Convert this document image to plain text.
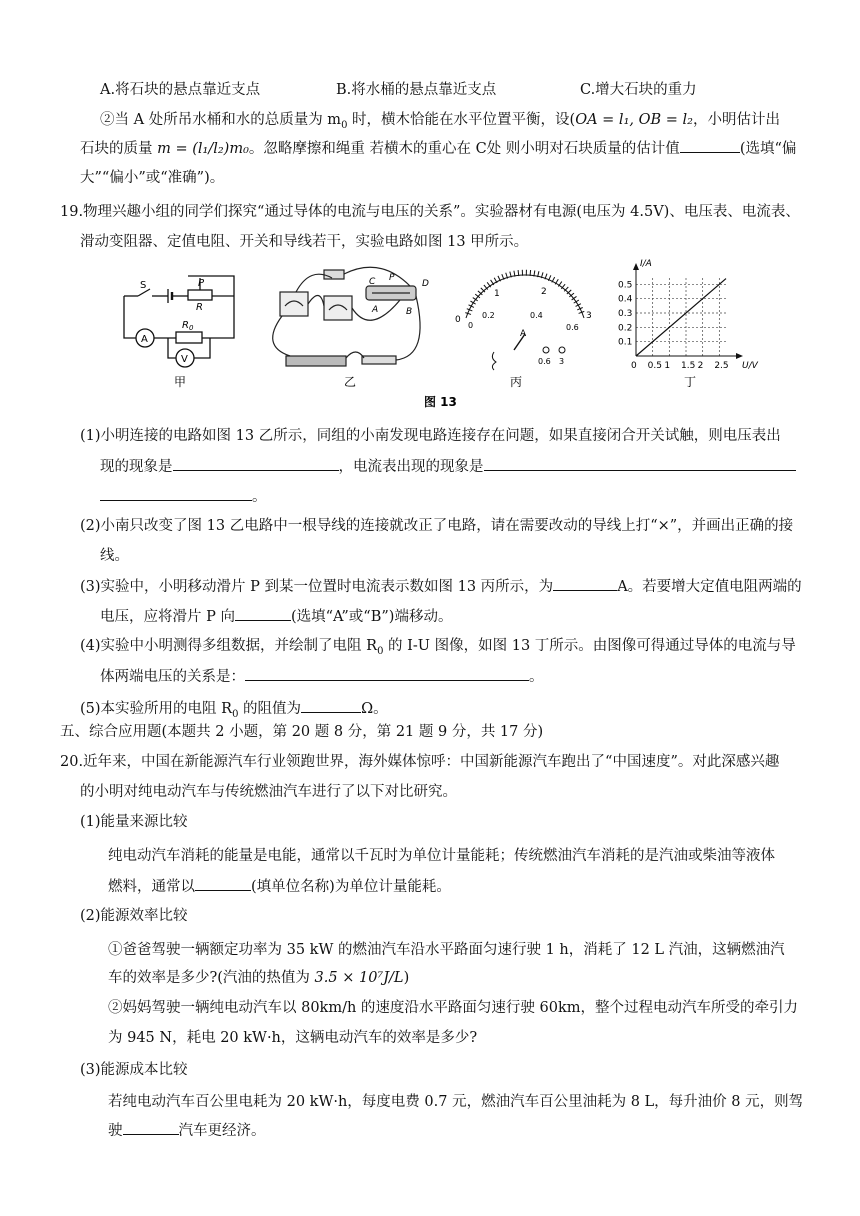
A.将石块的悬点靠近支点	B.将水桶的悬点靠近支点	C.增大石块的重力
②当 A 处所吊水桶和水的总质量为 $m_0$ 时，横木恰能在水平位置平衡，设(OA = l₁, OB = l₂，小明估计出
石块的质量 m = (l₁/l₂)m₀。忽略摩擦和绳重 若横木的重心在 C处 则小明对石块质量的估计值	(选填“偏
大”“偏小”或“准确”)。
19.物理兴趣小组的同学们探究“通过导体的电流与电压的关系”。实验器材有电源(电压为 4.5V)、电压表、电流表、
滑动变阻器、定值电阻、开关和导线若干，实验电路如图 13 甲所示。
S	P
R
A
V
$R_0$
甲
C P
D
A	B
乙
0
1	2
3
0
0.2	0.4
0.6
A
0.6 3
丙
0 0.5 1 1.5 2 2.5
0.1
0.2
0.3
0.4
0.5
U/V
I/A
丁
图 13
(1)小明连接的电路如图 13 乙所示，同组的小南发现电路连接存在问题，如果直接闭合开关试触，则电压表出
现的现象是	，电流表出现的现象是
。
(2)小南只改变了图 13 乙电路中一根导线的连接就改正了电路，请在需要改动的导线上打“×”，并画出正确的接
线。
(3)实验中，小明移动滑片 P 到某一位置时电流表示数如图 13 丙所示，为	A。若要增大定值电阻两端的
电压，应将滑片 P 向	(选填“A”或“B”)端移动。
(4)实验中小明测得多组数据，并绘制了电阻 $R_0$ 的 I-U 图像，如图 13 丁所示。由图像可得通过导体的电流与导
体两端电压的关系是：	。
(5)本实验所用的电阻 $R_0$ 的阻值为	Ω。
五、综合应用题(本题共 2 小题，第 20 题 8 分，第 21 题 9 分，共 17 分)
20.近年来，中国在新能源汽车行业领跑世界，海外媒体惊呼：中国新能源汽车跑出了“中国速度”。对此深感兴趣
的小明对纯电动汽车与传统燃油汽车进行了以下对比研究。
(1)能量来源比较
纯电动汽车消耗的能量是电能，通常以千瓦时为单位计量能耗；传统燃油汽车消耗的是汽油或柴油等液体
燃料，通常以	(填单位名称)为单位计量能耗。
(2)能源效率比较
①爸爸驾驶一辆额定功率为 35 kW 的燃油汽车沿水平路面匀速行驶 1 h，消耗了 12 L 汽油，这辆燃油汽
车的效率是多少?(汽油的热值为 3.5 × 10⁷J/L)
②妈妈驾驶一辆纯电动汽车以 80km/h 的速度沿水平路面匀速行驶 60km，整个过程电动汽车所受的牵引力
为 945 N，耗电 20 kW·h，这辆电动汽车的效率是多少?
(3)能源成本比较
若纯电动汽车百公里电耗为 20 kW·h，每度电费 0.7 元，燃油汽车百公里油耗为 8 L，每升油价 8 元，则驾
驶	汽车更经济。
